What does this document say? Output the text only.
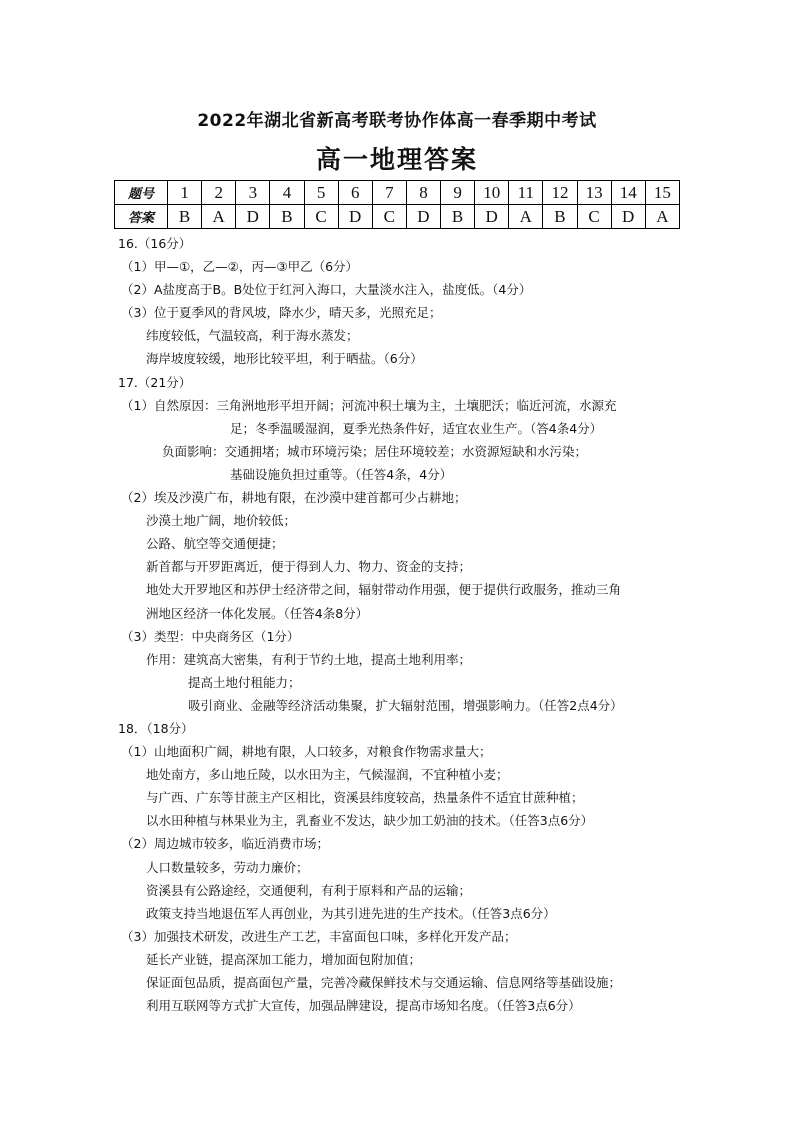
2022年湖北省新高考联考协作体高一春季期中考试
高一地理答案
题号	1	2	3	4	5	6	7	8	9	10	11	12	13	14	15
答案	B	A	D	B	C	D	C	D	B	D	A	B	C	D	A
16.（16分）
（1）甲—①，乙—②，丙—③甲乙（6分）
（2）A盐度高于B。B处位于红河入海口，大量淡水注入，盐度低。（4分）
（3）位于夏季风的背风坡，降水少，晴天多，光照充足；
纬度较低，气温较高，利于海水蒸发；
海岸坡度较缓，地形比较平坦，利于晒盐。（6分）
17.（21分）
（1）自然原因：三角洲地形平坦开阔；河流冲积土壤为主，土壤肥沃；临近河流，水源充
足；冬季温暖湿润，夏季光热条件好，适宜农业生产。（答4条4分）
负面影响：交通拥堵；城市环境污染；居住环境较差；水资源短缺和水污染；
基础设施负担过重等。（任答4条，4分）
（2）埃及沙漠广布，耕地有限，在沙漠中建首都可少占耕地；
沙漠土地广阔，地价较低；
公路、航空等交通便捷；
新首都与开罗距离近，便于得到人力、物力、资金的支持；
地处大开罗地区和苏伊士经济带之间，辐射带动作用强，便于提供行政服务，推动三角
洲地区经济一体化发展。（任答4条8分）
（3）类型：中央商务区（1分）
作用：建筑高大密集，有利于节约土地，提高土地利用率；
提高土地付租能力；
吸引商业、金融等经济活动集聚，扩大辐射范围，增强影响力。（任答2点4分）
18．（18分）
（1）山地面积广阔，耕地有限，人口较多，对粮食作物需求量大；
地处南方，多山地丘陵，以水田为主，气候湿润，不宜种植小麦；
与广西、广东等甘蔗主产区相比，资溪县纬度较高，热量条件不适宜甘蔗种植；
以水田种植与林果业为主，乳畜业不发达，缺少加工奶油的技术。（任答3点6分）
（2）周边城市较多，临近消费市场；
人口数量较多，劳动力廉价；
资溪县有公路途经，交通便利，有利于原料和产品的运输；
政策支持当地退伍军人再创业，为其引进先进的生产技术。（任答3点6分）
（3）加强技术研发，改进生产工艺，丰富面包口味，多样化开发产品；
延长产业链，提高深加工能力，增加面包附加值；
保证面包品质，提高面包产量，完善冷藏保鲜技术与交通运输、信息网络等基础设施；
利用互联网等方式扩大宣传，加强品牌建设，提高市场知名度。（任答3点6分）
